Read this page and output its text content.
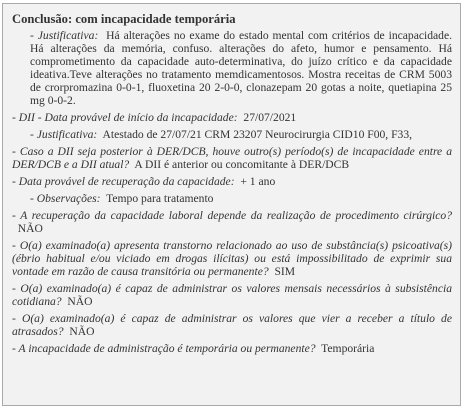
Conclusão: com incapacidade temporária
- Justificativa: Há alterações no exame do estado mental com critérios de incapacidade. Há alterações da memória, confuso. alterações do afeto, humor e pensamento. Há comprometimento da capacidade auto-determinativa, do juízo crítico e da capacidade ideativa.Teve alterações no tratamento memdicamentosos. Mostra receitas de CRM 5003 de crorpromazina 0-0-1, fluoxetina 20 2-0-0, clonazepam 20 gotas a noite, quetiapina 25 mg 0-0-2.
- DII - Data provável de início da incapacidade: 27/07/2021
- Justificativa: Atestado de 27/07/21 CRM 23207 Neurocirurgia CID10 F00, F33,
- Caso a DII seja posterior à DER/DCB, houve outro(s) período(s) de incapacidade entre a DER/DCB e a DII atual? A DII é anterior ou concomitante à DER/DCB
- Data provável de recuperação da capacidade: + 1 ano
- Observações: Tempo para tratamento
- A recuperação da capacidade laboral depende da realização de procedimento cirúrgico?  NÃO
- O(a) examinado(a) apresenta transtorno relacionado ao uso de substância(s) psicoativa(s) (ébrio habitual e/ou viciado em drogas ilícitas) ou está impossibilitado de exprimir sua vontade em razão de causa transitória ou permanente? SIM
- O(a) examinado(a) é capaz de administrar os valores mensais necessários à subsistência cotidiana? NÃO
- O(a) examinado(a) é capaz de administrar os valores que vier a receber a título de atrasados? NÃO
- A incapacidade de administração é temporária ou permanente? Temporária
